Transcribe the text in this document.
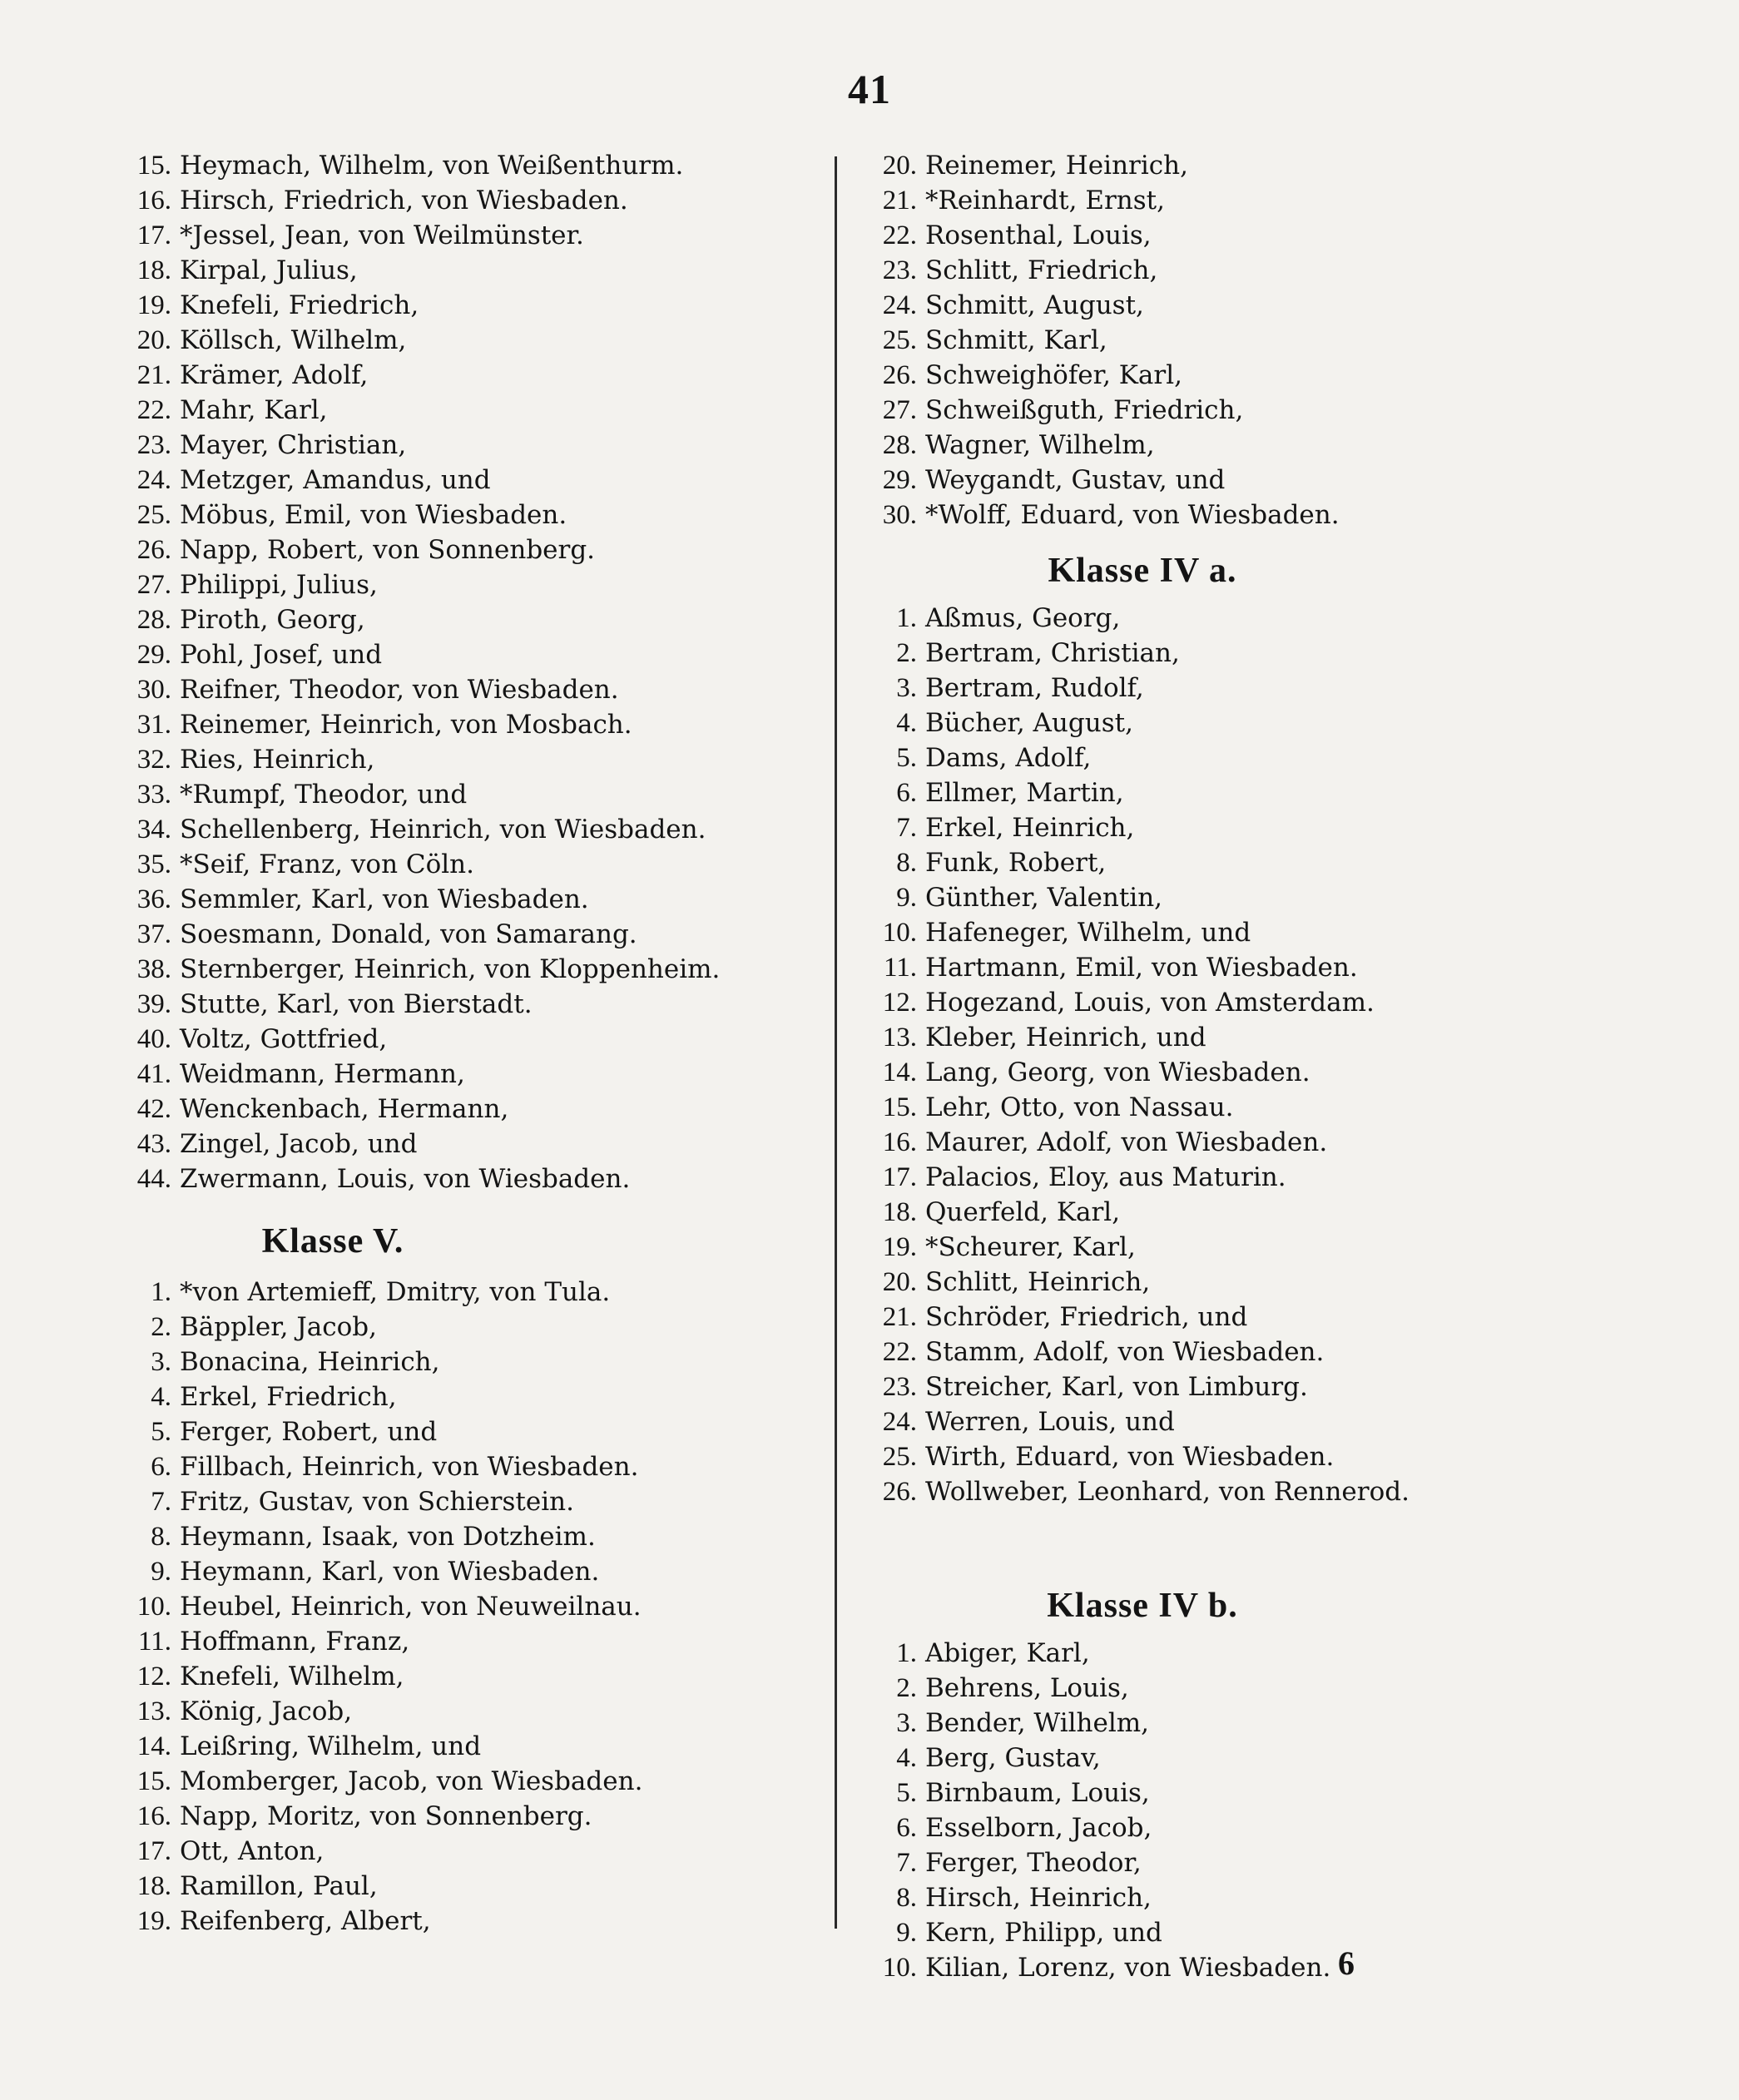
41
15. Heymach, Wilhelm, von Weißenthurm.
16. Hirsch, Friedrich, von Wiesbaden.
17. *Jessel, Jean, von Weilmünster.
18. Kirpal, Julius,
19. Knefeli, Friedrich,
20. Köllsch, Wilhelm,
21. Krämer, Adolf,
22. Mahr, Karl,
23. Mayer, Christian,
24. Metzger, Amandus, und
25. Möbus, Emil, von Wiesbaden.
26. Napp, Robert, von Sonnenberg.
27. Philippi, Julius,
28. Piroth, Georg,
29. Pohl, Josef, und
30. Reifner, Theodor, von Wiesbaden.
31. Reinemer, Heinrich, von Mosbach.
32. Ries, Heinrich,
33. *Rumpf, Theodor, und
34. Schellenberg, Heinrich, von Wiesbaden.
35. *Seif, Franz, von Cöln.
36. Semmler, Karl, von Wiesbaden.
37. Soesmann, Donald, von Samarang.
38. Sternberger, Heinrich, von Kloppenheim.
39. Stutte, Karl, von Bierstadt.
40. Voltz, Gottfried,
41. Weidmann, Hermann,
42. Wenckenbach, Hermann,
43. Zingel, Jacob, und
44. Zwermann, Louis, von Wiesbaden.
Klasse V.
1. *von Artemieff, Dmitry, von Tula.
2. Bäppler, Jacob,
3. Bonacina, Heinrich,
4. Erkel, Friedrich,
5. Ferger, Robert, und
6. Fillbach, Heinrich, von Wiesbaden.
7. Fritz, Gustav, von Schierstein.
8. Heymann, Isaak, von Dotzheim.
9. Heymann, Karl, von Wiesbaden.
10. Heubel, Heinrich, von Neuweilnau.
11. Hoffmann, Franz,
12. Knefeli, Wilhelm,
13. König, Jacob,
14. Leißring, Wilhelm, und
15. Momberger, Jacob, von Wiesbaden.
16. Napp, Moritz, von Sonnenberg.
17. Ott, Anton,
18. Ramillon, Paul,
19. Reifenberg, Albert,
20. Reinemer, Heinrich,
21. *Reinhardt, Ernst,
22. Rosenthal, Louis,
23. Schlitt, Friedrich,
24. Schmitt, August,
25. Schmitt, Karl,
26. Schweighöfer, Karl,
27. Schweißguth, Friedrich,
28. Wagner, Wilhelm,
29. Weygandt, Gustav, und
30. *Wolff, Eduard, von Wiesbaden.
Klasse IV a.
1. Aßmus, Georg,
2. Bertram, Christian,
3. Bertram, Rudolf,
4. Bücher, August,
5. Dams, Adolf,
6. Ellmer, Martin,
7. Erkel, Heinrich,
8. Funk, Robert,
9. Günther, Valentin,
10. Hafeneger, Wilhelm, und
11. Hartmann, Emil, von Wiesbaden.
12. Hogezand, Louis, von Amsterdam.
13. Kleber, Heinrich, und
14. Lang, Georg, von Wiesbaden.
15. Lehr, Otto, von Nassau.
16. Maurer, Adolf, von Wiesbaden.
17. Palacios, Eloy, aus Maturin.
18. Querfeld, Karl,
19. *Scheurer, Karl,
20. Schlitt, Heinrich,
21. Schröder, Friedrich, und
22. Stamm, Adolf, von Wiesbaden.
23. Streicher, Karl, von Limburg.
24. Werren, Louis, und
25. Wirth, Eduard, von Wiesbaden.
26. Wollweber, Leonhard, von Rennerod.
Klasse IV b.
1. Abiger, Karl,
2. Behrens, Louis,
3. Bender, Wilhelm,
4. Berg, Gustav,
5. Birnbaum, Louis,
6. Esselborn, Jacob,
7. Ferger, Theodor,
8. Hirsch, Heinrich,
9. Kern, Philipp, und
10. Kilian, Lorenz, von Wiesbaden. 6
